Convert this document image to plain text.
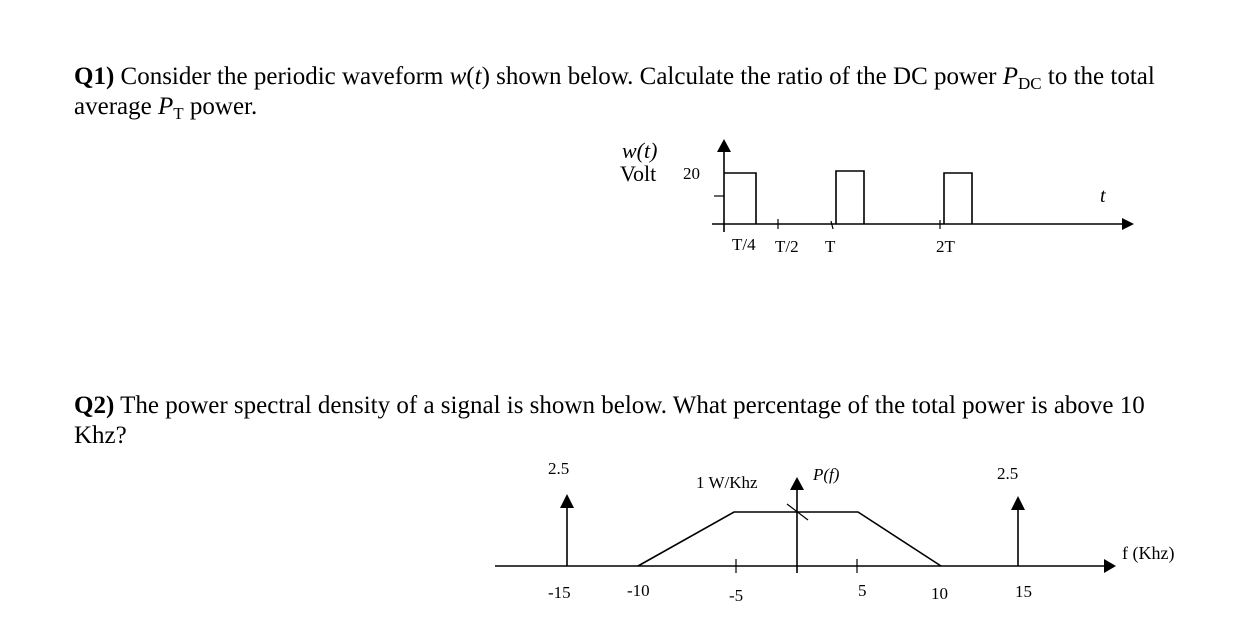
Q1) Consider the periodic waveform w(t) shown below. Calculate the ratio of the DC power $P_{DC}$ to the total average $P_T$ power.

Q2) The power spectral density of a signal is shown below. What percentage of the total power is above 10 Khz?

w(t)
Volt 20
t
T/4 T/2 T	2T
2.5	2.5
1 W/Khz	P(f)
f (Khz)
-15	-10	-5	5	10	15
